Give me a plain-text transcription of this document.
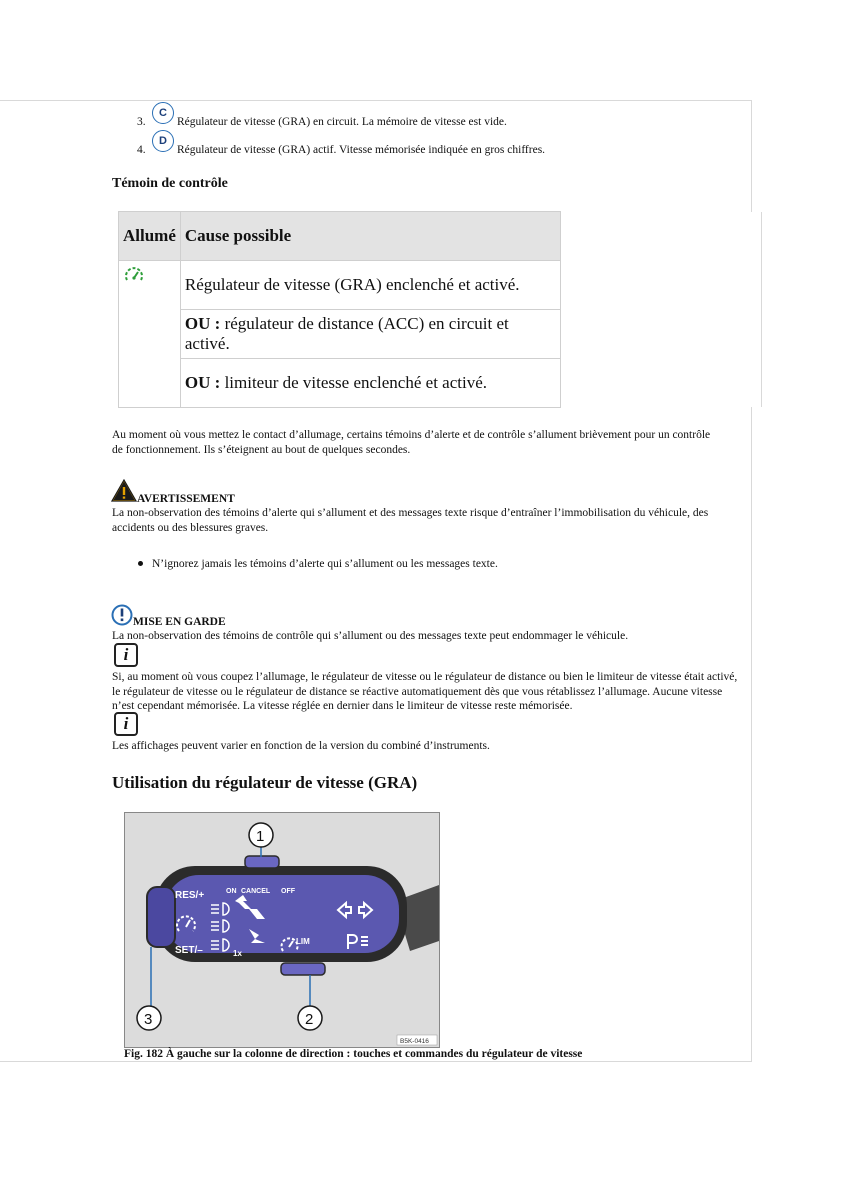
3.
C
Régulateur de vitesse (GRA) en circuit. La mémoire de vitesse est vide.
4.
D
Régulateur de vitesse (GRA) actif. Vitesse mémorisée indiquée en gros chiffres.
Témoin de contrôle
Allumé	Cause possible
	Régulateur de vitesse (GRA) enclenché et activé.
	OU : régulateur de distance (ACC) en circuit et activé.
	OU : limiteur de vitesse enclenché et activé.
Au moment où vous mettez le contact d’allumage, certains témoins d’alerte et de contrôle s’allument brièvement pour un contrôle de fonctionnement. Ils s’éteignent au bout de quelques secondes.
AVERTISSEMENT
La non-observation des témoins d’alerte qui s’allument et des messages texte risque d’entraîner l’immobilisation du véhicule, des accidents ou des blessures graves.
N’ignorez jamais les témoins d’alerte qui s’allument ou les messages texte.
MISE EN GARDE
La non-observation des témoins de contrôle qui s’allument ou des messages texte peut endommager le véhicule.
i
Si, au moment où vous coupez l’allumage, le régulateur de vitesse ou le régulateur de distance ou bien le limiteur de vitesse était activé, le régulateur de vitesse ou le régulateur de distance se réactive automatiquement dès que vous rétablissez l’allumage. Aucune vitesse n’est cependant mémorisée. La vitesse réglée en dernier dans le limiteur de vitesse reste mémorisée.
i
Les affichages peuvent varier en fonction de la version du combiné d’instruments.
Utilisation du régulateur de vitesse (GRA)
RES/+	ON CANCEL OFF
SET/–	1x
LIM
1
2
3
B5K-0416
Fig. 182 À gauche sur la colonne de direction : touches et commandes du régulateur de vitesse
